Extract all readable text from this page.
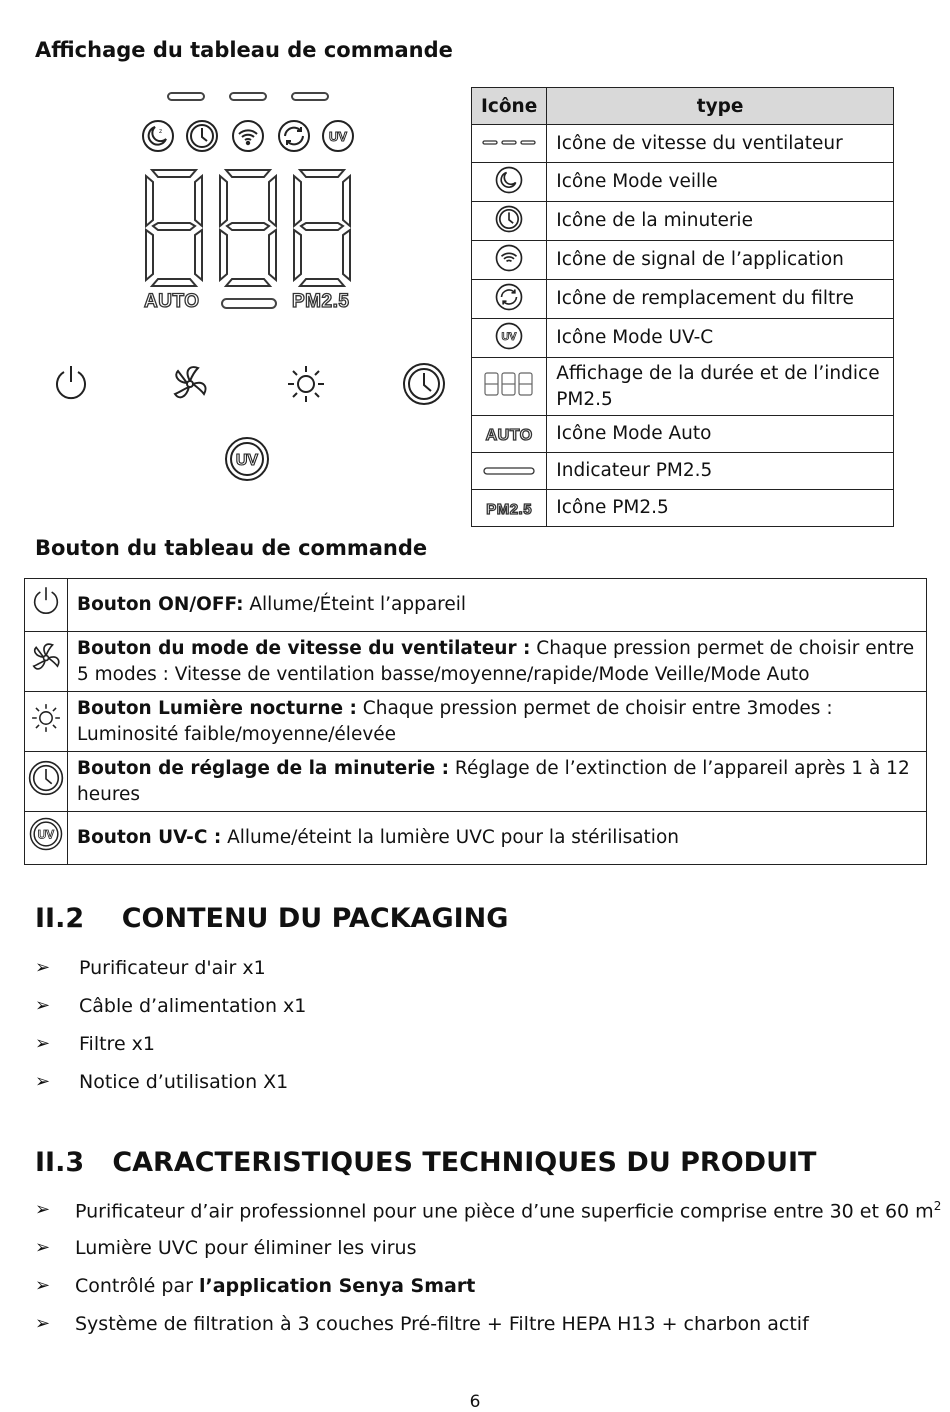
Affichage du tableau de commande
z	UV
AUTO	PM2.5
UV
Icône	type
	Icône de vitesse du ventilateur
	Icône Mode veille
	Icône de la minuterie
	Icône de signal de l’application
	Icône de remplacement du filtre

UV	Icône Mode UV-C
	Affichage de la durée et de l’indice PM2.5
AUTO	Icône Mode Auto
	Indicateur PM2.5
PM2.5	Icône PM2.5
Bouton du tableau de commande
	Bouton ON/OFF: Allume/Éteint l’appareil
	Bouton du mode de vitesse du ventilateur : Chaque pression permet de choisir entre 5 modes : Vitesse de ventilation basse/moyenne/rapide/Mode Veille/Mode Auto
	Bouton Lumière nocturne : Chaque pression permet de choisir entre 3modes : Luminosité faible/moyenne/élevée
	Bouton de réglage de la minuterie : Réglage de l’extinction de l’appareil après 1 à 12 heures

UV	Bouton UV-C : Allume/éteint la lumière UVC pour la stérilisation
II.2    CONTENU DU PACKAGING
➢ Purificateur d'air x1
➢ Câble d’alimentation x1
➢ Filtre x1
➢ Notice d’utilisation X1
II.3   CARACTERISTIQUES TECHNIQUES DU PRODUIT
➢ Purificateur d’air professionnel pour une pièce d’une superficie comprise entre 30 et 60 $m^2$
➢ Lumière UVC pour éliminer les virus
➢ Contrôlé par l’application Senya Smart
➢ Système de filtration à 3 couches Pré-filtre + Filtre HEPA H13 + charbon actif
6
